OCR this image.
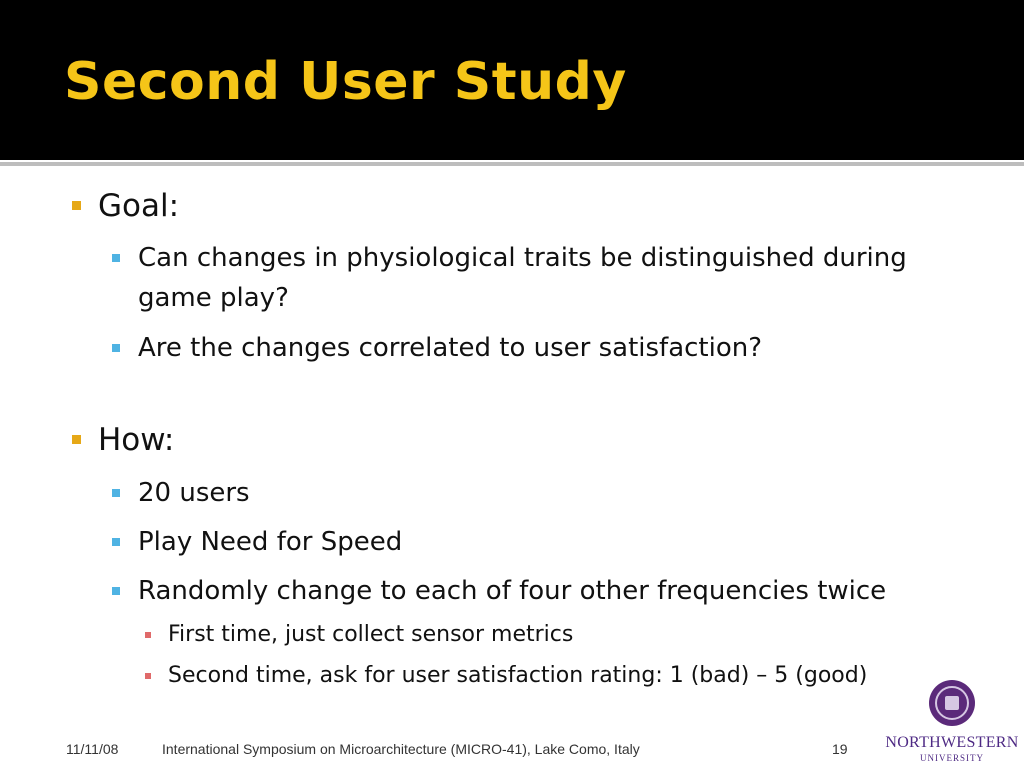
Second User Study
Goal:
Can changes in physiological traits be distinguished during game play?
Are the changes correlated to user satisfaction?
How:
20 users
Play Need for Speed
Randomly change to each of four other frequencies twice
First time, just collect sensor metrics
Second time, ask for user satisfaction rating: 1 (bad) – 5 (good)
11/11/08	International Symposium on Microarchitecture (MICRO-41), Lake Como, Italy	19 NORTHWESTERN
UNIVERSITY
